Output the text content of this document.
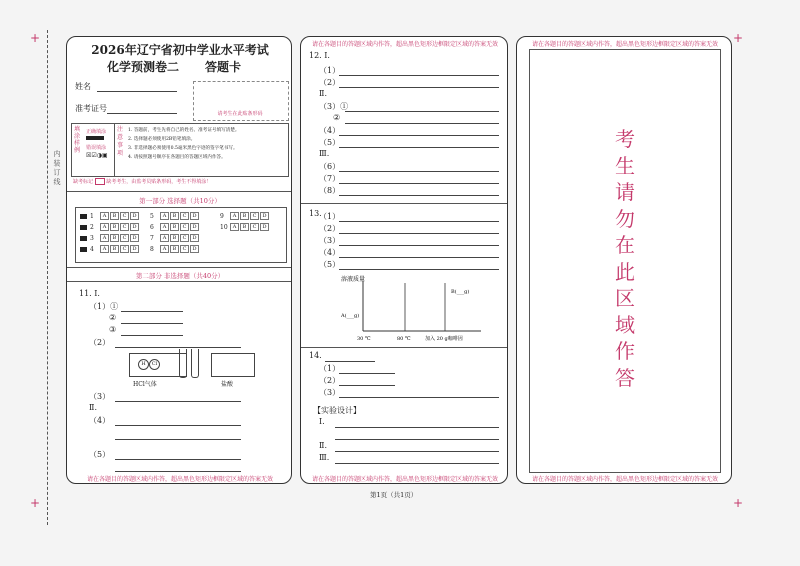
+	+
+	+
内 装 订 线
2026年辽宁省初中学业水平考试
化学预测卷二 答题卡
姓名
准考证号
请考生在此贴条形码
填涂样例
正确填涂
错误填涂
☒☑◑▣
注意事项
1. 答题前，考生先将自己的姓名、准考证号填写清楚。
2. 选择题必须使用2B铅笔填涂。
3. 非选择题必须使用0.5毫米黑色字迹的签字笔书写。
4. 请按照题号顺序在各题目的答题区域内作答。
缺考标记	缺考考生，由监考员贴条形码，考生不得填涂！
第一部分 选择题（共10分）
1 A B C D
2 A B C D
3 A B C D
4 A B C D
5 A B C D
6 A B C D
7 A B C D
8 A B C D
9 A B C D
10 A B C D
第二部分 非选择题（共40分）
11. Ⅰ.
（1）①
②
③
（2）
H	Cl
HCl气体	盐酸
（3）
Ⅱ.
（4）
（5）
请在各题目的答题区域内作答，超出黑色矩形边框限定区域的答案无效
请在各题目的答题区域内作答，超出黑色矩形边框限定区域的答案无效
12. Ⅰ.
（1）
（2）
Ⅱ.
（3）①
②
（4）
（5）
Ⅲ.
（6）
（7）
（8）
13.
（1）
（2）
（3）
（4）
（5）
溶液质量
A(___g)
B(___g)
30 ℃	80 ℃	加入 20 g咖啡因
14.
（1）
（2）
（3）
【实验设计】
Ⅰ.
Ⅱ.
Ⅲ.
请在各题目的答题区域内作答，超出黑色矩形边框限定区域的答案无效
请在各题目的答题区域内作答，超出黑色矩形边框限定区域的答案无效
考
生
请
勿
在
此
区
域
作
答
请在各题目的答题区域内作答，超出黑色矩形边框限定区域的答案无效
第1页（共1页）
